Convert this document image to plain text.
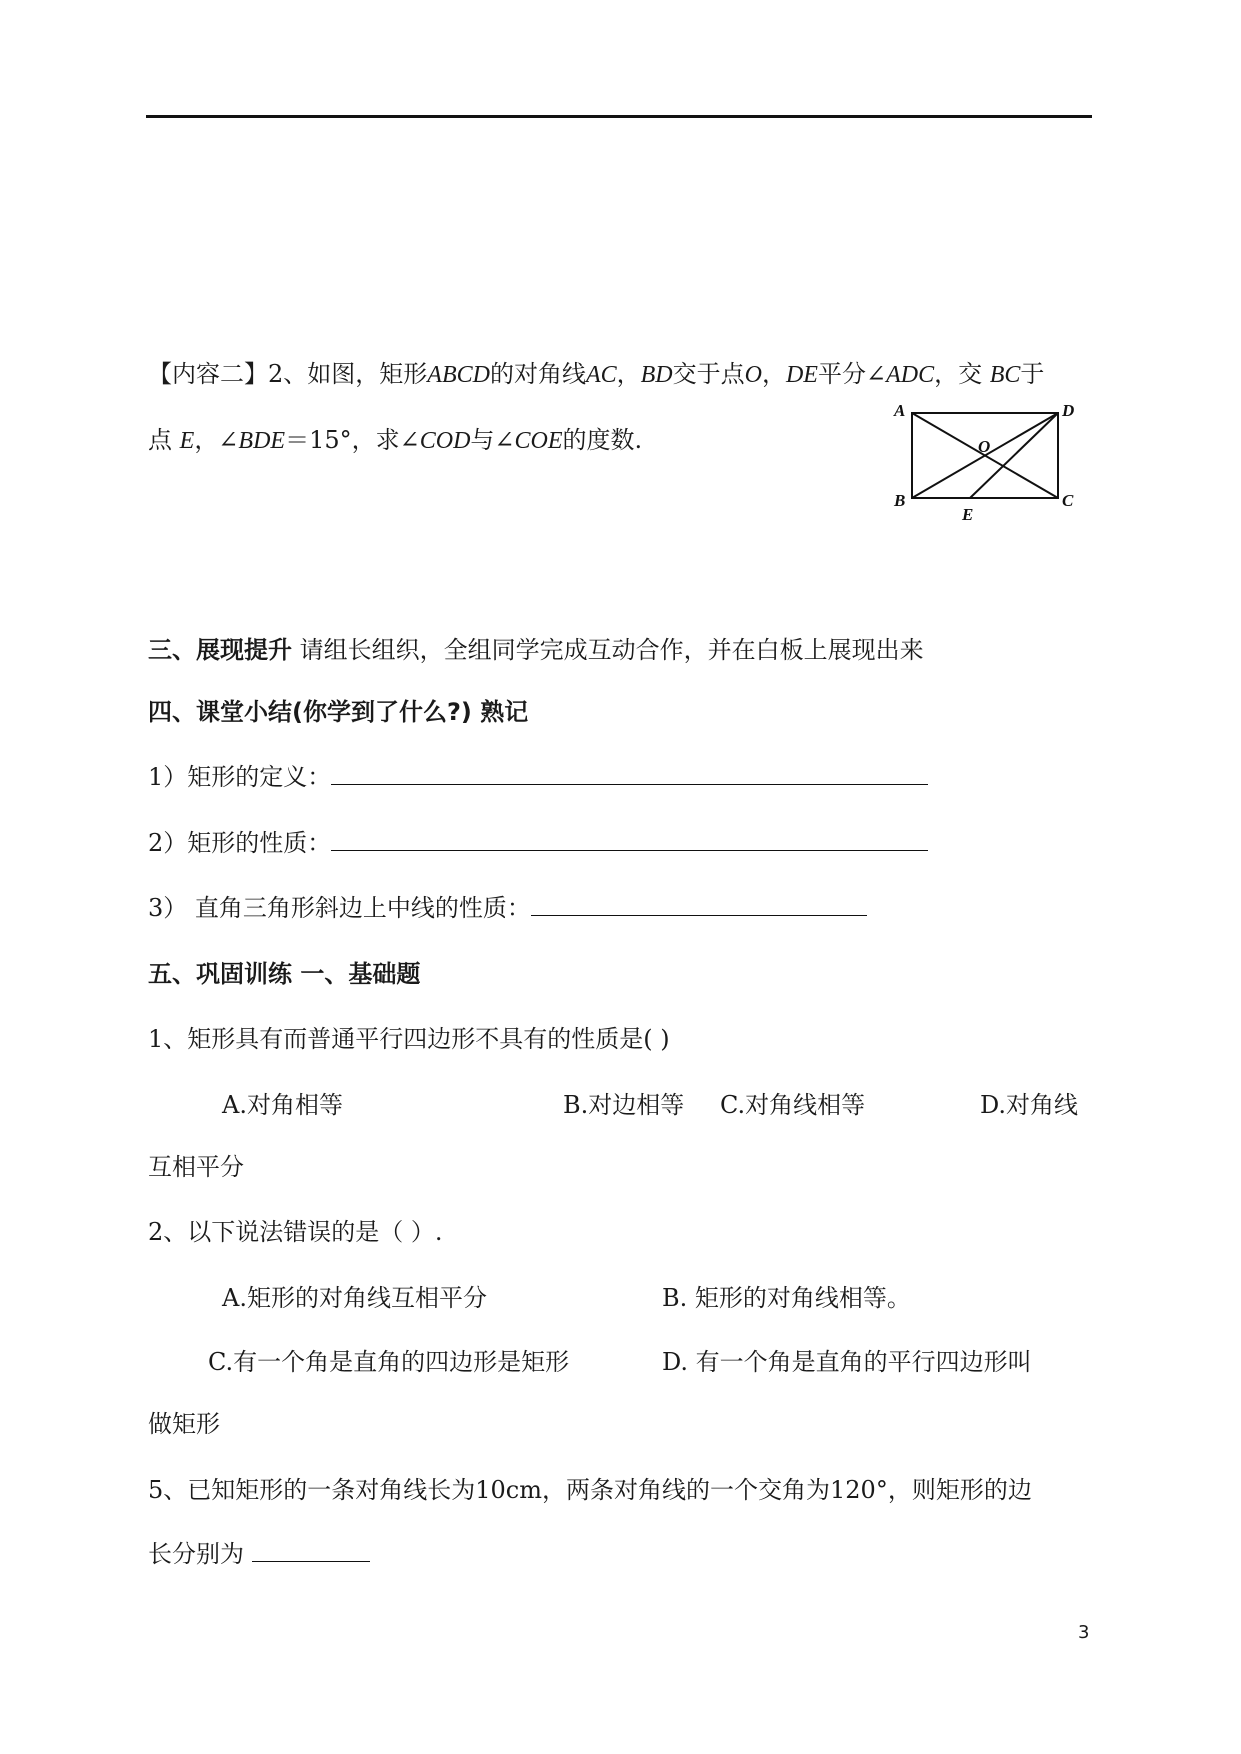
【内容二】2、如图，矩形ABCD的对角线AC，BD交于点O，DE平分∠ADC，交 BC于
点 E，∠BDE＝15°，求∠COD与∠COE的度数.
A	D
B	C
O
E
三、展现提升 请组长组织，全组同学完成互动合作，并在白板上展现出来
四、课堂小结(你学到了什么?) 熟记
1）矩形的定义：
2）矩形的性质：
3） 直角三角形斜边上中线的性质：
五、巩固训练 一、基础题
1、矩形具有而普通平行四边形不具有的性质是( )
A.对角相等	B.对边相等 C.对角线相等	D.对角线
互相平分
2、以下说法错误的是（ ）.
A.矩形的对角线互相平分	B. 矩形的对角线相等。
C.有一个角是直角的四边形是矩形	D. 有一个角是直角的平行四边形叫
做矩形
5、已知矩形的一条对角线长为10cm，两条对角线的一个交角为120°，则矩形的边
长分别为
3
